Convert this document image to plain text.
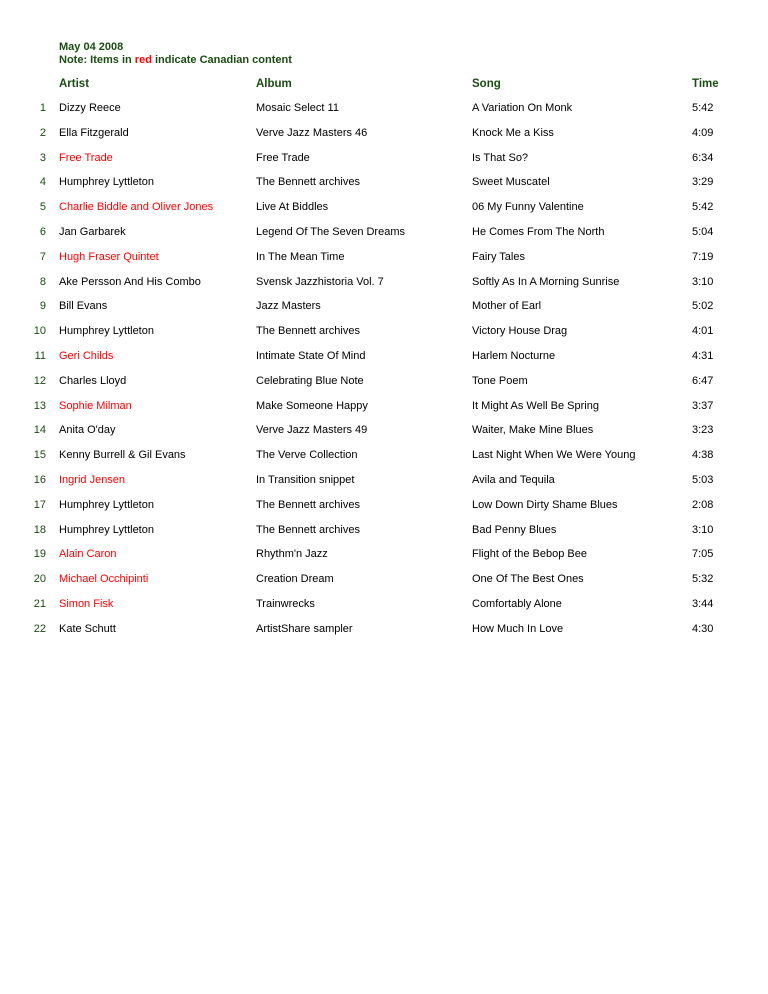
May 04 2008
Note: Items in red indicate Canadian content
Artist	Album	Song	Time
1 Dizzy Reece	Mosaic Select 11	A Variation On Monk	5:42
2 Ella Fitzgerald	Verve Jazz Masters 46	Knock Me a Kiss	4:09
3 Free Trade	Free Trade	Is That So?	6:34
4 Humphrey Lyttleton	The Bennett archives	Sweet Muscatel	3:29
5 Charlie Biddle and Oliver Jones	Live At Biddles	06 My Funny Valentine	5:42
6 Jan Garbarek	Legend Of The Seven Dreams	He Comes From The North	5:04
7 Hugh Fraser Quintet	In The Mean Time	Fairy Tales	7:19
8 Ake Persson And His Combo	Svensk Jazzhistoria Vol. 7	Softly As In A Morning Sunrise	3:10
9 Bill Evans	Jazz Masters	Mother of Earl	5:02
10 Humphrey Lyttleton	The Bennett archives	Victory House Drag	4:01
11 Geri Childs	Intimate State Of Mind	Harlem Nocturne	4:31
12 Charles Lloyd	Celebrating Blue Note	Tone Poem	6:47
13 Sophie Milman	Make Someone Happy	It Might As Well Be Spring	3:37
14 Anita O'day	Verve Jazz Masters 49	Waiter, Make Mine Blues	3:23
15 Kenny Burrell & Gil Evans	The Verve Collection	Last Night When We Were Young	4:38
16 Ingrid Jensen	In Transition snippet	Avila and Tequila	5:03
17 Humphrey Lyttleton	The Bennett archives	Low Down Dirty Shame Blues	2:08
18 Humphrey Lyttleton	The Bennett archives	Bad Penny Blues	3:10
19 Alain Caron	Rhythm'n Jazz	Flight of the Bebop Bee	7:05
20 Michael Occhipinti	Creation Dream	One Of The Best Ones	5:32
21 Simon Fisk	Trainwrecks	Comfortably Alone	3:44
22 Kate Schutt	ArtistShare sampler	How Much In Love	4:30
